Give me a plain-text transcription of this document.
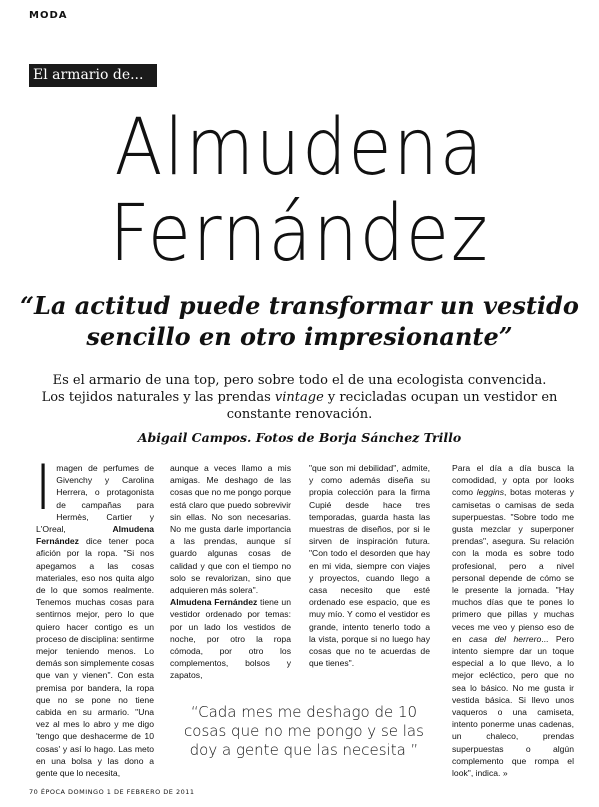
MODA
El armario de...
Almudena
Fernández
“La actitud puede transformar un vestido sencillo en otro impresionante”
Es el armario de una top, pero sobre todo el de una ecologista convencida. Los tejidos naturales y las prendas vintage y recicladas ocupan un vestidor en constante renovación.
Abigail Campos. Fotos de Borja Sánchez Trillo
Imagen de perfumes de Givenchy y Carolina Herrera, o protagonista de campañas para Hermès, Cartier y L'Oreal, Almudena Fernández dice tener poca afición por la ropa. "Si nos apegamos a las cosas materiales, eso nos quita algo de lo que somos realmente. Tenemos muchas cosas para sentirnos mejor, pero lo que quiero hacer contigo es un proceso de disciplina: sentirme mejor teniendo menos. Lo demás son simplemente cosas que van y vienen". Con esta premisa por bandera, la ropa que no se pone no tiene cabida en su armario. "Una vez al mes lo abro y me digo 'tengo que deshacerme de 10 cosas' y así lo hago. Las meto en una bolsa y las dono a gente que lo necesita,
aunque a veces llamo a mis amigas. Me deshago de las cosas que no me pongo porque está claro que puedo sobrevivir sin ellas. No son necesarias. No me gusta darle importancia a las prendas, aunque sí guardo algunas cosas de calidad y que con el tiempo no solo se revalorizan, sino que adquieren más solera".
Almudena Fernández tiene un vestidor ordenado por temas: por un lado los vestidos de noche, por otro la ropa cómoda, por otro los complementos, bolsos y zapatos,
"que son mi debilidad", admite, y como además diseña su propia colección para la firma Cupié desde hace tres temporadas, guarda hasta las muestras de diseños, por si le sirven de inspiración futura. "Con todo el desorden que hay en mi vida, siempre con viajes y proyectos, cuando llego a casa necesito que esté ordenado ese espacio, que es muy mío. Y como el vestidor es grande, intento tenerlo todo a la vista, porque si no luego hay cosas que no te acuerdas de que tienes".
Para el día a día busca la comodidad, y opta por looks como leggins, botas moteras y camisetas o camisas de seda superpuestas. "Sobre todo me gusta mezclar y superponer prendas", asegura. Su relación con la moda es sobre todo profesional, pero a nivel personal depende de cómo se le presente la jornada. "Hay muchos días que te pones lo primero que pillas y muchas veces me veo y pienso eso de en casa del herrero... Pero intento siempre dar un toque especial a lo que llevo, a lo mejor ecléctico, pero que no sea lo básico. No me gusta ir vestida básica. Si llevo unos vaqueros o una camiseta, intento ponerme unas cadenas, un chaleco, prendas superpuestas o algún complemento que rompa el look", indica. »
“Cada mes me deshago de 10 cosas que no me pongo y se las doy a gente que las necesita ”
70 ÉPOCA DOMINGO 1 DE FEBRERO DE 2011
